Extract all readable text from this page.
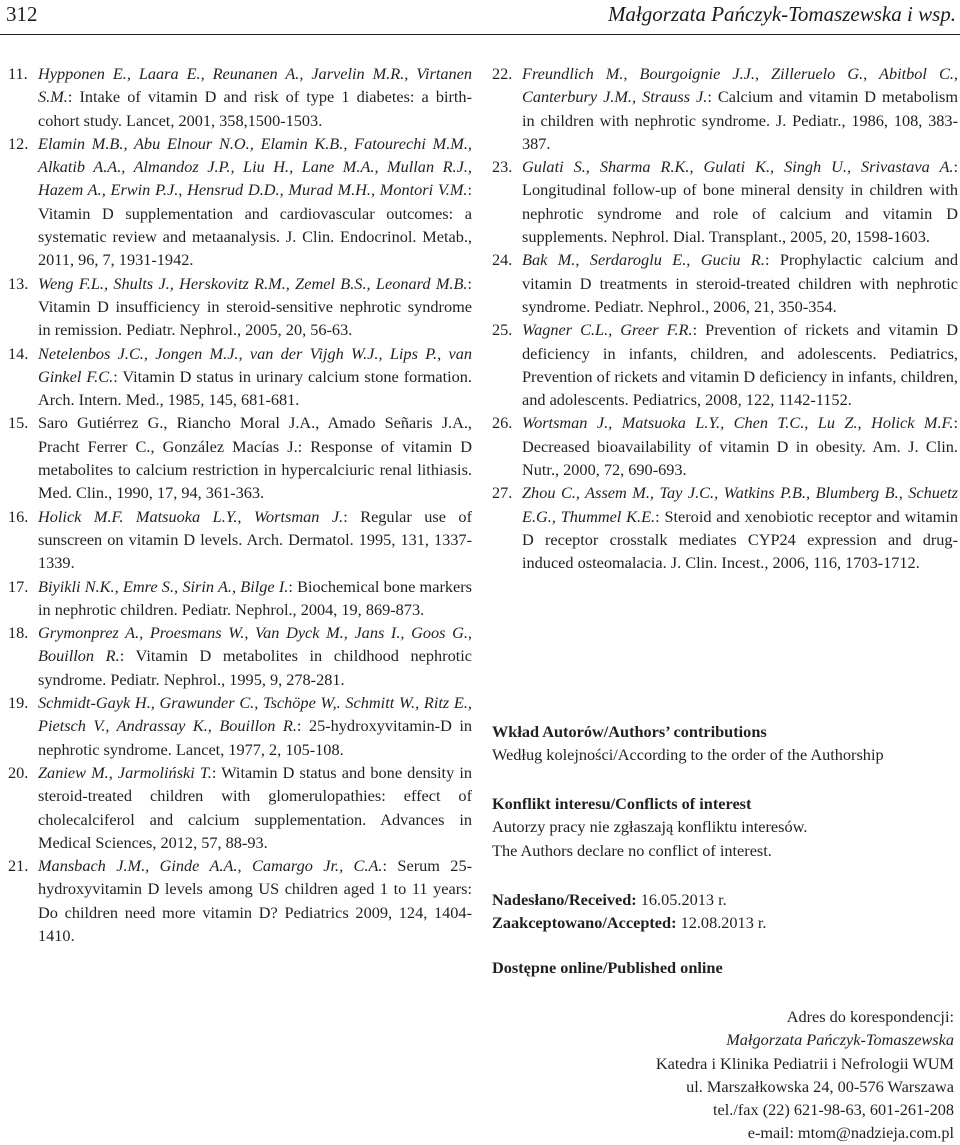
312	Małgorzata Pańczyk-Tomaszewska i wsp.

11. Hypponen E., Laara E., Reunanen A., Jarvelin M.R., Virtanen S.M.: Intake of vitamin D and risk of type 1 diabetes: a birth-cohort study. Lancet, 2001, 358,1500-1503.

12. Elamin M.B., Abu Elnour N.O., Elamin K.B., Fatourechi M.M., Alkatib A.A., Almandoz J.P., Liu H., Lane M.A., Mullan R.J., Hazem A., Erwin P.J., Hensrud D.D., Murad M.H., Montori V.M.: Vitamin D supplementation and cardiovascular outcomes: a systematic review and metaanalysis. J. Clin. Endocrinol. Metab., 2011, 96, 7, 1931-1942.

13. Weng F.L., Shults J., Herskovitz R.M., Zemel B.S., Leonard M.B.: Vitamin D insufficiency in steroid-sensitive nephrotic syndrome in remission. Pediatr. Nephrol., 2005, 20, 56-63.

14. Netelenbos J.C., Jongen M.J., van der Vijgh W.J., Lips P., van Ginkel F.C.: Vitamin D status in urinary calcium stone formation. Arch. Intern. Med., 1985, 145, 681-681.

15. Saro Gutiérrez G., Riancho Moral J.A., Amado Señaris J.A., Pracht Ferrer C., González Macías J.: Response of vitamin D metabolites to calcium restriction in hypercalciuric renal lithiasis. Med. Clin., 1990, 17, 94, 361-363.

16. Holick M.F. Matsuoka L.Y., Wortsman J.: Regular use of sunscreen on vitamin D levels. Arch. Dermatol. 1995, 131, 1337-1339.

17. Biyikli N.K., Emre S., Sirin A., Bilge I.: Biochemical bone markers in nephrotic children. Pediatr. Nephrol., 2004, 19, 869-873.

18. Grymonprez A., Proesmans W., Van Dyck M., Jans I., Goos G., Bouillon R.: Vitamin D metabolites in childhood nephrotic syndrome. Pediatr. Nephrol., 1995, 9, 278-281.

19. Schmidt-Gayk H., Grawunder C., Tschöpe W,. Schmitt W., Ritz E., Pietsch V., Andrassay K., Bouillon R.: 25-hydroxyvitamin-D in nephrotic syndrome. Lancet, 1977, 2, 105-108.

20. Zaniew M., Jarmoliński T.: Witamin D status and bone density in steroid-treated children with glomerulopathies: effect of cholecalciferol and calcium supplementation. Advances in Medical Sciences, 2012, 57, 88-93.

21. Mansbach J.M., Ginde A.A., Camargo Jr., C.A.: Serum 25-hydroxyvitamin D levels among US children aged 1 to 11 years: Do children need more vitamin D? Pediatrics 2009, 124, 1404-1410.

22. Freundlich M., Bourgoignie J.J., Zilleruelo G., Abitbol C., Canterbury J.M., Strauss J.: Calcium and vitamin D metabolism in children with nephrotic syndrome. J. Pediatr., 1986, 108, 383-387.

23. Gulati S., Sharma R.K., Gulati K., Singh U., Srivastava A.: Longitudinal follow-up of bone mineral density in children with nephrotic syndrome and role of calcium and vitamin D supplements. Nephrol. Dial. Transplant., 2005, 20, 1598-1603.

24. Bak M., Serdaroglu E., Guciu R.: Prophylactic calcium and vitamin D treatments in steroid-treated children with nephrotic syndrome. Pediatr. Nephrol., 2006, 21, 350-354.

25. Wagner C.L., Greer F.R.: Prevention of rickets and vitamin D deficiency in infants, children, and adolescents. Pediatrics, Prevention of rickets and vitamin D deficiency in infants, children, and adolescents. Pediatrics, 2008, 122, 1142-1152.

26. Wortsman J., Matsuoka L.Y., Chen T.C., Lu Z., Holick M.F.: Decreased bioavailability of vitamin D in obesity. Am. J. Clin. Nutr., 2000, 72, 690-693.

27. Zhou C., Assem M., Tay J.C., Watkins P.B., Blumberg B., Schuetz E.G., Thummel K.E.: Steroid and xenobiotic receptor and witamin D receptor crosstalk mediates CYP24 expression and drug-induced osteomalacia. J. Clin. Incest., 2006, 116, 1703-1712.

Wkład Autorów/Authors’ contributions
Według kolejności/According to the order of the Authorship
Konflikt interesu/Conflicts of interest
Autorzy pracy nie zgłaszają konfliktu interesów.
The Authors declare no conflict of interest.
Nadesłano/Received: 16.05.2013 r.
Zaakceptowano/Accepted: 12.08.2013 r.
Dostępne online/Published online
Adres do korespondencji:
Małgorzata Pańczyk-Tomaszewska
Katedra i Klinika Pediatrii i Nefrologii WUM
ul. Marszałkowska 24, 00-576 Warszawa
tel./fax (22) 621-98-63, 601-261-208
e-mail: mtom@nadzieja.com.pl
